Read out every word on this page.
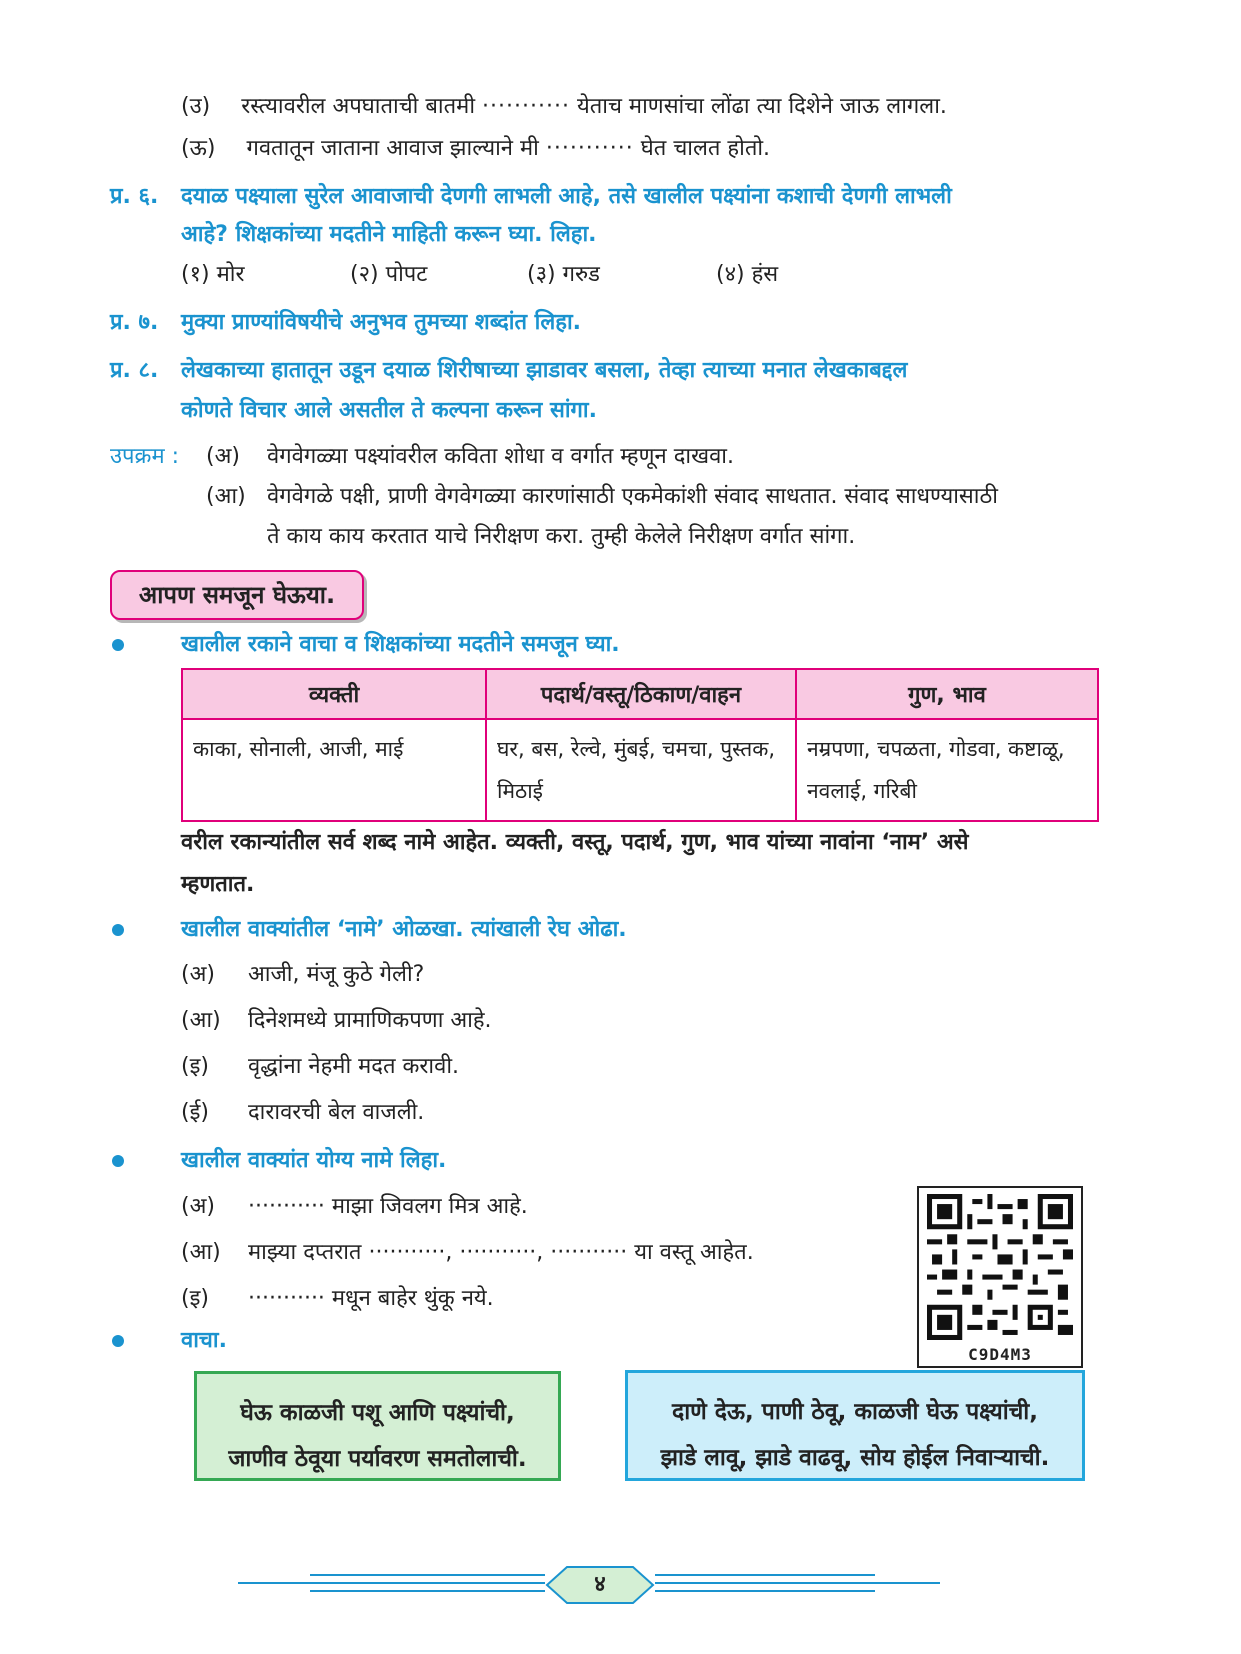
(उ) रस्त्यावरील अपघाताची बातमी ··········· येताच माणसांचा लोंढा त्या दिशेने जाऊ लागला.
(ऊ) गवतातून जाताना आवाज झाल्याने मी ··········· घेत चालत होतो.
प्र. ६. दयाळ पक्ष्याला सुरेल आवाजाची देणगी लाभली आहे, तसे खालील पक्ष्यांना कशाची देणगी लाभली
आहे? शिक्षकांच्या मदतीने माहिती करून घ्या. लिहा.
(१) मोर	(२) पोपट	(३) गरुड	(४) हंस
प्र. ७. मुक्या प्राण्यांविषयीचे अनुभव तुमच्या शब्दांत लिहा.
प्र. ८. लेखकाच्या हातातून उडून दयाळ शिरीषाच्या झाडावर बसला, तेव्हा त्याच्या मनात लेखकाबद्दल
कोणते विचार आले असतील ते कल्पना करून सांगा.
उपक्रम : (अ) वेगवेगळ्या पक्ष्यांवरील कविता शोधा व वर्गात म्हणून दाखवा.
(आ) वेगवेगळे पक्षी, प्राणी वेगवेगळ्या कारणांसाठी एकमेकांशी संवाद साधतात. संवाद साधण्यासाठी
ते काय काय करतात याचे निरीक्षण करा. तुम्ही केलेले निरीक्षण वर्गात सांगा.
आपण समजून घेऊया.
खालील रकाने वाचा व शिक्षकांच्या मदतीने समजून घ्या.
व्यक्ती	पदार्थ/वस्तू/ठिकाण/वाहन	गुण, भाव
काका, सोनाली, आजी, माई	घर, बस, रेल्वे, मुंबई, चमचा, पुस्तक, मिठाई	नम्रपणा, चपळता, गोडवा, कष्टाळू, नवलाई, गरिबी
वरील रकान्यांतील सर्व शब्द नामे आहेत. व्यक्ती, वस्तू, पदार्थ, गुण, भाव यांच्या नावांना ‘नाम’ असे
म्हणतात.
खालील वाक्यांतील ‘नामे’ ओळखा. त्यांखाली रेघ ओढा.
(अ) आजी, मंजू कुठे गेली?
(आ) दिनेशमध्ये प्रामाणिकपणा आहे.
(इ) वृद्धांना नेहमी मदत करावी.
(ई) दारावरची बेल वाजली.
खालील वाक्यांत योग्य नामे लिहा.
(अ) ··········· माझा जिवलग मित्र आहे.
(आ) माझ्या दप्तरात ···········, ···········, ··········· या वस्तू आहेत.
(इ) ··········· मधून बाहेर थुंकू नये.
C9D4M3
वाचा.
घेऊ काळजी पशू आणि पक्ष्यांची,
जाणीव ठेवूया पर्यावरण समतोलाची.
दाणे देऊ, पाणी ठेवू, काळजी घेऊ पक्ष्यांची,
झाडे लावू, झाडे वाढवू, सोय होईल निवाऱ्याची.
४
